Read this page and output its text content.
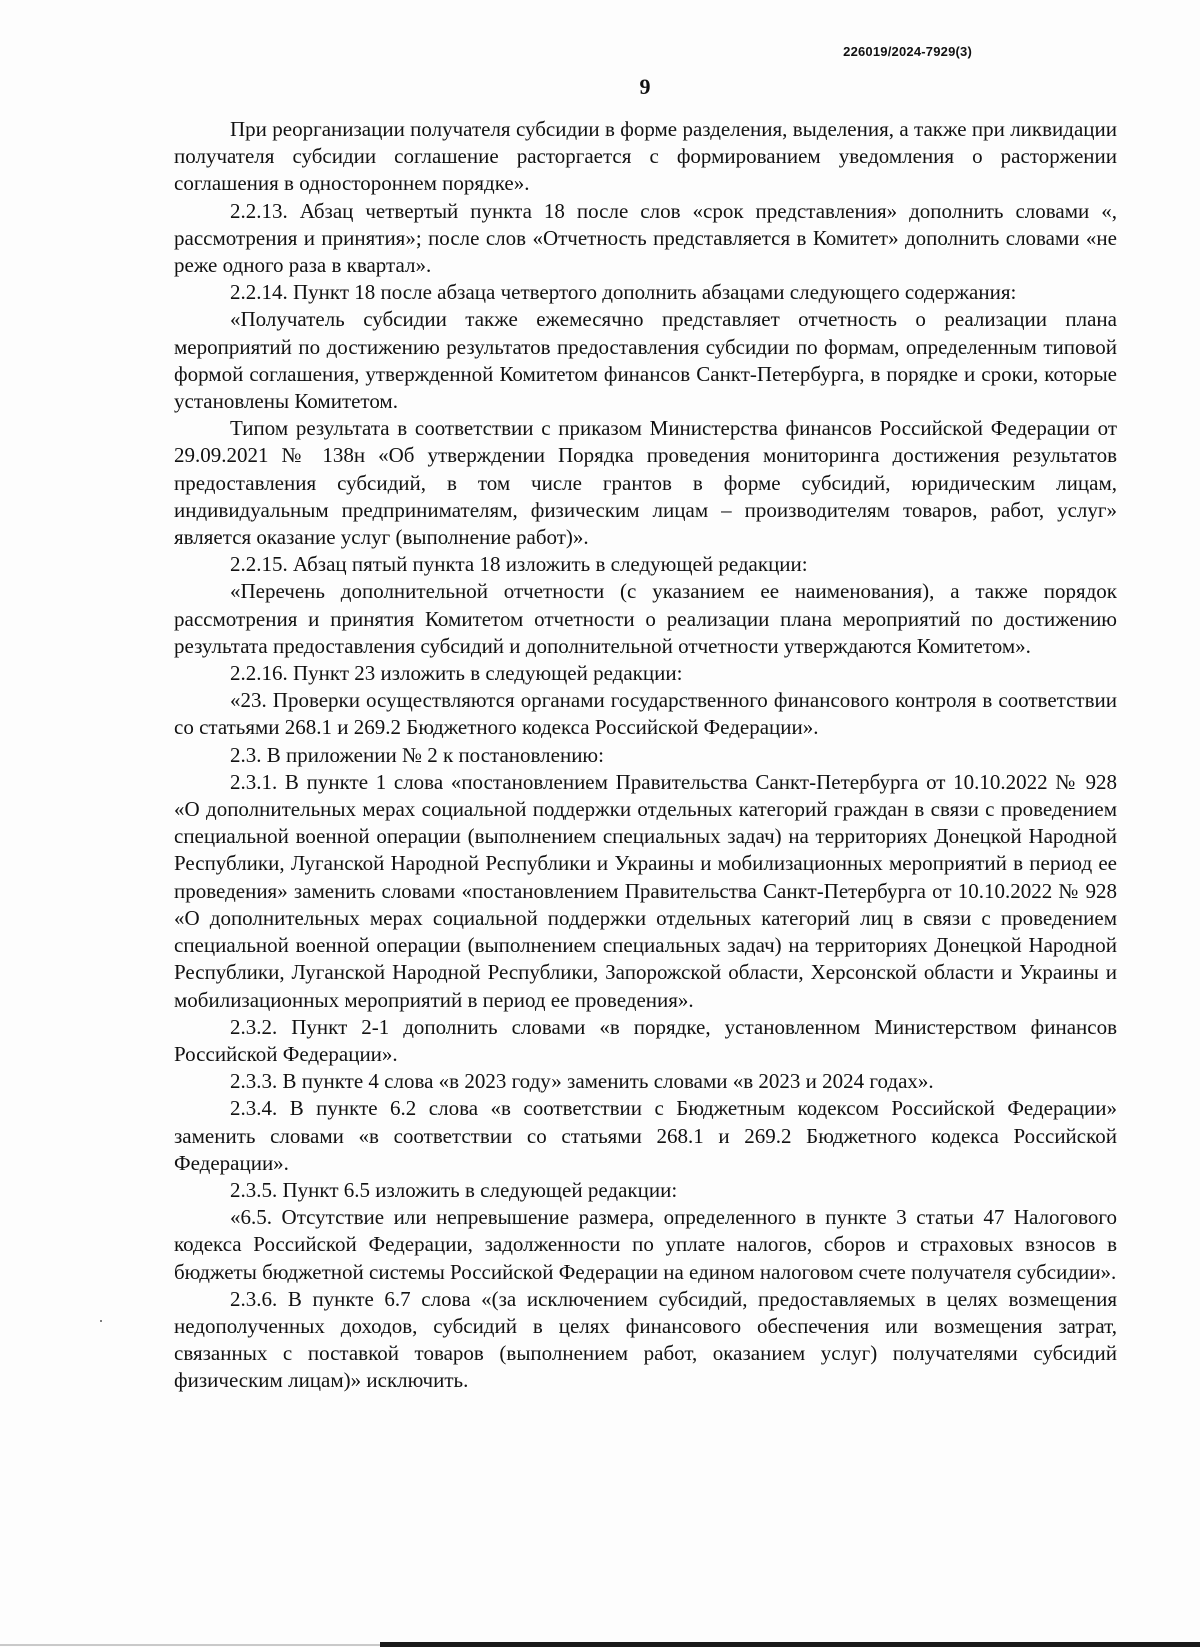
226019/2024-7929(3)
9

При реорганизации получателя субсидии в форме разделения, выделения, а также при ликвидации получателя субсидии соглашение расторгается с формированием уведомления о расторжении соглашения в одностороннем порядке».

2.2.13. Абзац четвертый пункта 18 после слов «срок представления» дополнить словами «, рассмотрения и принятия»; после слов «Отчетность представляется в Комитет» дополнить словами «не реже одного раза в квартал».

2.2.14. Пункт 18 после абзаца четвертого дополнить абзацами следующего содержания:

«Получатель субсидии также ежемесячно представляет отчетность о реализации плана мероприятий по достижению результатов предоставления субсидии по формам, определенным типовой формой соглашения, утвержденной Комитетом финансов Санкт-Петербурга, в порядке и сроки, которые установлены Комитетом.

Типом результата в соответствии с приказом Министерства финансов Российской Федерации от 29.09.2021 № 138н «Об утверждении Порядка проведения мониторинга достижения результатов предоставления субсидий, в том числе грантов в форме субсидий, юридическим лицам, индивидуальным предпринимателям, физическим лицам – производителям товаров, работ, услуг» является оказание услуг (выполнение работ)».

2.2.15. Абзац пятый пункта 18 изложить в следующей редакции:

«Перечень дополнительной отчетности (с указанием ее наименования), а также порядок рассмотрения и принятия Комитетом отчетности о реализации плана мероприятий по достижению результата предоставления субсидий и дополнительной отчетности утверждаются Комитетом».

2.2.16. Пункт 23 изложить в следующей редакции:

«23. Проверки осуществляются органами государственного финансового контроля в соответствии со статьями 268.1 и 269.2 Бюджетного кодекса Российской Федерации».

2.3. В приложении № 2 к постановлению:

2.3.1. В пункте 1 слова «постановлением Правительства Санкт-Петербурга от 10.10.2022 № 928 «О дополнительных мерах социальной поддержки отдельных категорий граждан в связи с проведением специальной военной операции (выполнением специальных задач) на территориях Донецкой Народной Республики, Луганской Народной Республики и Украины и мобилизационных мероприятий в период ее проведения» заменить словами «постановлением Правительства Санкт-Петербурга от 10.10.2022 № 928 «О дополнительных мерах социальной поддержки отдельных категорий лиц в связи с проведением специальной военной операции (выполнением специальных задач) на территориях Донецкой Народной Республики, Луганской Народной Республики, Запорожской области, Херсонской области и Украины и мобилизационных мероприятий в период ее проведения».

2.3.2. Пункт 2-1 дополнить словами «в порядке, установленном Министерством финансов Российской Федерации».

2.3.3. В пункте 4 слова «в 2023 году» заменить словами «в 2023 и 2024 годах».

2.3.4. В пункте 6.2 слова «в соответствии с Бюджетным кодексом Российской Федерации» заменить словами «в соответствии со статьями 268.1 и 269.2 Бюджетного кодекса Российской Федерации».

2.3.5. Пункт 6.5 изложить в следующей редакции:

«6.5. Отсутствие или непревышение размера, определенного в пункте 3 статьи 47 Налогового кодекса Российской Федерации, задолженности по уплате налогов, сборов и страховых взносов в бюджеты бюджетной системы Российской Федерации на едином налоговом счете получателя субсидии».

2.3.6. В пункте 6.7 слова «(за исключением субсидий, предоставляемых в целях возмещения недополученных доходов, субсидий в целях финансового обеспечения или возмещения затрат, связанных с поставкой товаров (выполнением работ, оказанием услуг) получателями субсидий физическим лицам)» исключить.
